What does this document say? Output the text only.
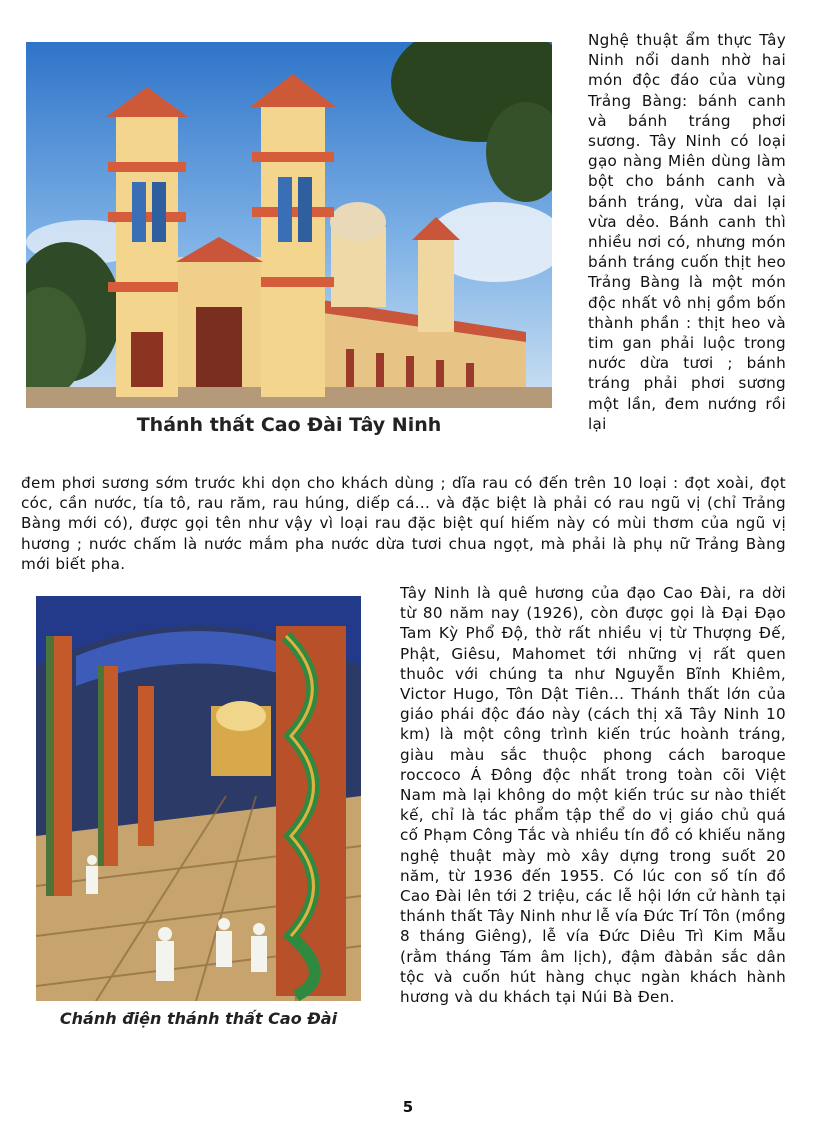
Thánh thất Cao Đài Tây Ninh
Nghệ thuật ẩm thực Tây Ninh nổi danh nhờ hai món độc đáo của vùng Trảng Bàng: bánh canh và bánh tráng phơi sương. Tây Ninh có loại gạo nàng Miên dùng làm bột cho bánh canh và bánh tráng, vừa dai lại vừa dẻo. Bánh canh thì nhiều nơi có, nhưng món bánh tráng cuốn thịt heo Trảng Bàng là một món độc nhất vô nhị gồm bốn thành phần : thịt heo và tim gan phải luộc trong nước dừa tươi ; bánh tráng phải phơi sương một lần, đem nướng rồi lại
đem phơi sương sớm trước khi dọn cho khách dùng ; dĩa rau có đến trên 10 loại : đọt xoài, đọt cóc, cần nước, tía tô, rau răm, rau húng, diếp cá... và đặc biệt là phải có rau ngũ vị (chỉ Trảng Bàng mới có), được gọi tên như vậy vì loại rau đặc biệt quí hiếm này có mùi thơm của ngũ vị hương ; nước chấm là nước mắm pha nước dừa tươi chua ngọt, mà phải là phụ nữ Trảng Bàng mới biết pha.
Chánh điện thánh thất Cao Đài
Tây Ninh là quê hương của đạo Cao Đài, ra dời từ 80 năm nay (1926), còn được gọi là Đại Đạo Tam Kỳ Phổ Độ, thờ rất nhiều vị từ Thượng Đế, Phật, Giêsu, Mahomet tới những vị rất quen thuôc với chúng ta như Nguyễn Bĩnh Khiêm, Victor Hugo, Tôn Dật Tiên... Thánh thất lớn của giáo phái độc đáo này (cách thị xã Tây Ninh 10 km) là một công trình kiến trúc hoành tráng, giàu màu sắc thuộc phong cách baroque roccoco Á Đông độc nhất trong toàn cõi Việt Nam mà lại không do một kiến trúc sư nào thiết kế, chỉ là tác phẩm tập thể do vị giáo chủ quá cố Phạm Công Tắc và nhiều tín đồ có khiếu năng nghệ thuật mày mò xây dựng trong suốt 20 năm, từ 1936 đến 1955. Có lúc con số tín đồ Cao Đài lên tới 2 triệu, các lễ hội lớn cử hành tại thánh thất Tây Ninh như lễ vía Đức Trí Tôn (mồng 8 tháng Giêng), lễ vía Đức Diêu Trì Kim Mẫu (rằm tháng Tám âm lịch), đậm đàbản sắc dân tộc và cuốn hút hàng chục ngàn khách hành hương và du khách tại Núi Bà Đen.
5
